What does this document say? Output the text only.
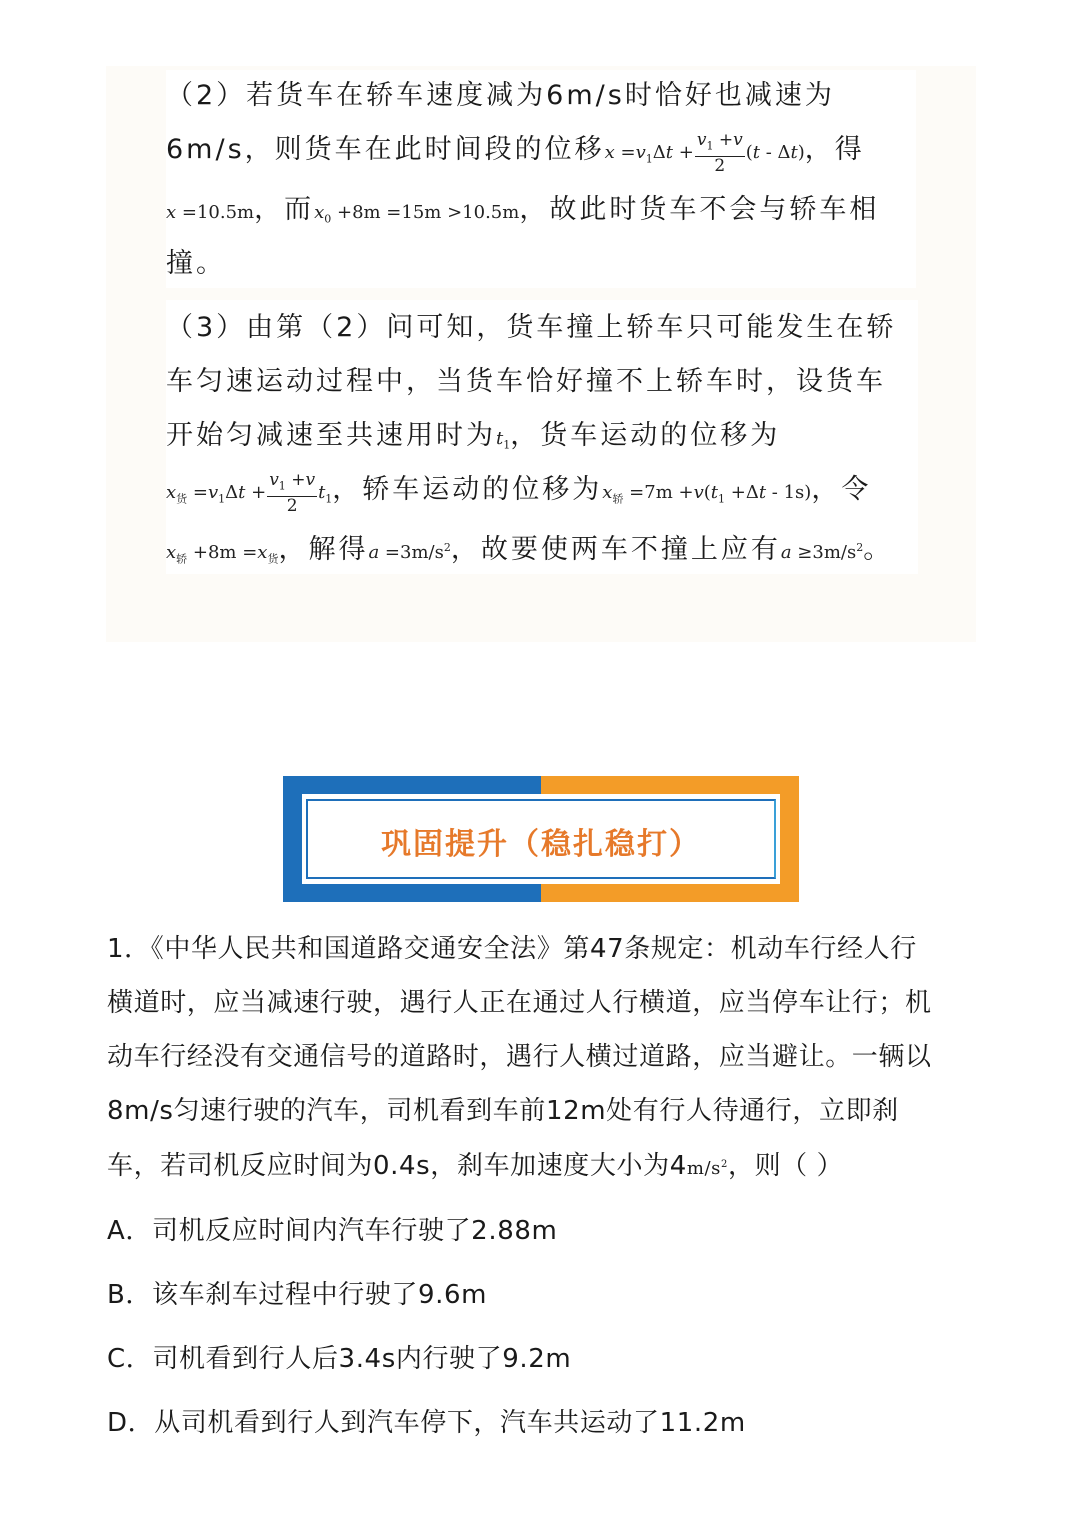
（2）若货车在轿车速度减为6m/s时恰好也减速为
6m/s，则货车在此时间段的位移$x =v_1\Delta t + \frac{v_1 +v}{2} (t - \Delta t)$，得
x =10.5m，而$x_0 +8m =15m >10.5m$，故此时货车不会与轿车相
撞。
（3）由第（2）问可知，货车撞上轿车只可能发生在轿
车匀速运动过程中，当货车恰好撞不上轿车时，设货车
开始匀减速至共速用时为$t_1$，货车运动的位移为
$x_货 =v_1\Delta t + \frac{v_1 +v}{2} t_1$，轿车运动的位移为$x_轿 =7m +v(t_1 +\Delta t - 1s)$，令
$x_轿 +8m =x_货$，解得$a =3m/s^2$，故要使两车不撞上应有$a \ge 3m/s^2$。
巩固提升（稳扎稳打）
1．《中华人民共和国道路交通安全法》第47条规定：机动车行经人行
横道时，应当减速行驶，遇行人正在通过人行横道，应当停车让行；机
动车行经没有交通信号的道路时，遇行人横过道路，应当避让。一辆以
8m/s匀速行驶的汽车，司机看到车前12m处有行人待通行，立即刹
车，若司机反应时间为0.4s，刹车加速度大小为$4m/s^2$，则（ ）
A．司机反应时间内汽车行驶了2.88m
B．该车刹车过程中行驶了9.6m
C．司机看到行人后3.4s内行驶了9.2m
D．从司机看到行人到汽车停下，汽车共运动了11.2m
